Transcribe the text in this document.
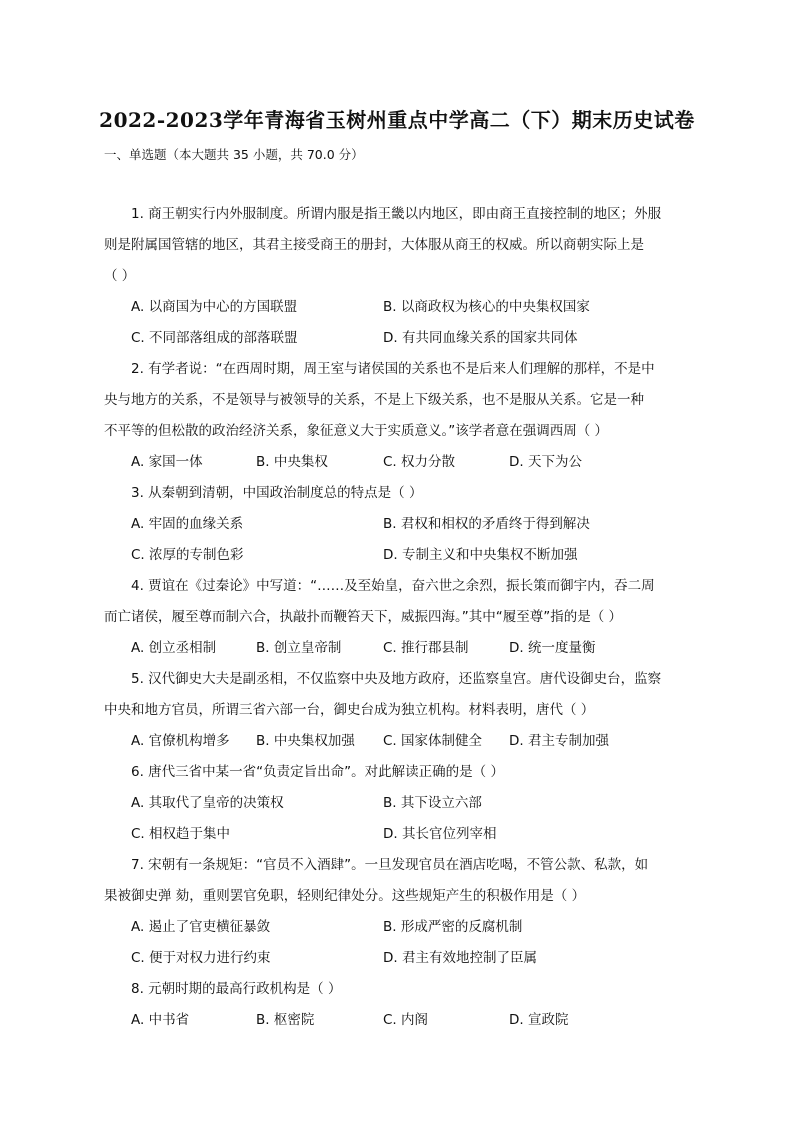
2022-2023学年青海省玉树州重点中学高二（下）期末历史试卷
一、单选题（本大题共 35 小题，共 70.0 分）
1. 商王朝实行内外服制度。所谓内服是指王畿以内地区，即由商王直接控制的地区；外服
则是附属国管辖的地区，其君主接受商王的册封，大体服从商王的权威。所以商朝实际上是
（ ）
A. 以商国为中心的方国联盟	B. 以商政权为核心的中央集权国家
C. 不同部落组成的部落联盟	D. 有共同血缘关系的国家共同体
2. 有学者说：“在西周时期，周王室与诸侯国的关系也不是后来人们理解的那样，不是中
央与地方的关系，不是领导与被领导的关系，不是上下级关系，也不是服从关系。它是一种
不平等的但松散的政治经济关系，象征意义大于实质意义。”该学者意在强调西周（ ）
A. 家国一体	B. 中央集权	C. 权力分散	D. 天下为公
3. 从秦朝到清朝，中国政治制度总的特点是（ ）
A. 牢固的血缘关系	B. 君权和相权的矛盾终于得到解决
C. 浓厚的专制色彩	D. 专制主义和中央集权不断加强
4. 贾谊在《过秦论》中写道：“……及至始皇，奋六世之余烈，振长策而御宇内，吞二周
而亡诸侯，履至尊而制六合，执敲扑而鞭笞天下，威振四海。”其中“履至尊”指的是（ ）
A. 创立丞相制	B. 创立皇帝制	C. 推行郡县制	D. 统一度量衡
5. 汉代御史大夫是副丞相，不仅监察中央及地方政府，还监察皇宫。唐代设御史台，监察
中央和地方官员，所谓三省六部一台，御史台成为独立机构。材料表明，唐代（ ）
A. 官僚机构增多 B. 中央集权加强 C. 国家体制健全 D. 君主专制加强
6. 唐代三省中某一省“负责定旨出命”。对此解读正确的是（ ）
A. 其取代了皇帝的决策权	B. 其下设立六部
C. 相权趋于集中	D. 其长官位列宰相
7. 宋朝有一条规矩：“官员不入酒肆”。一旦发现官员在酒店吃喝，不管公款、私款，如
果被御史弹 劾，重则罢官免职，轻则纪律处分。这些规矩产生的积极作用是（ ）
A. 遏止了官吏横征暴敛	B. 形成严密的反腐机制
C. 便于对权力进行约束	D. 君主有效地控制了臣属
8. 元朝时期的最高行政机构是（ ）
A. 中书省	B. 枢密院	C. 内阁	D. 宣政院
